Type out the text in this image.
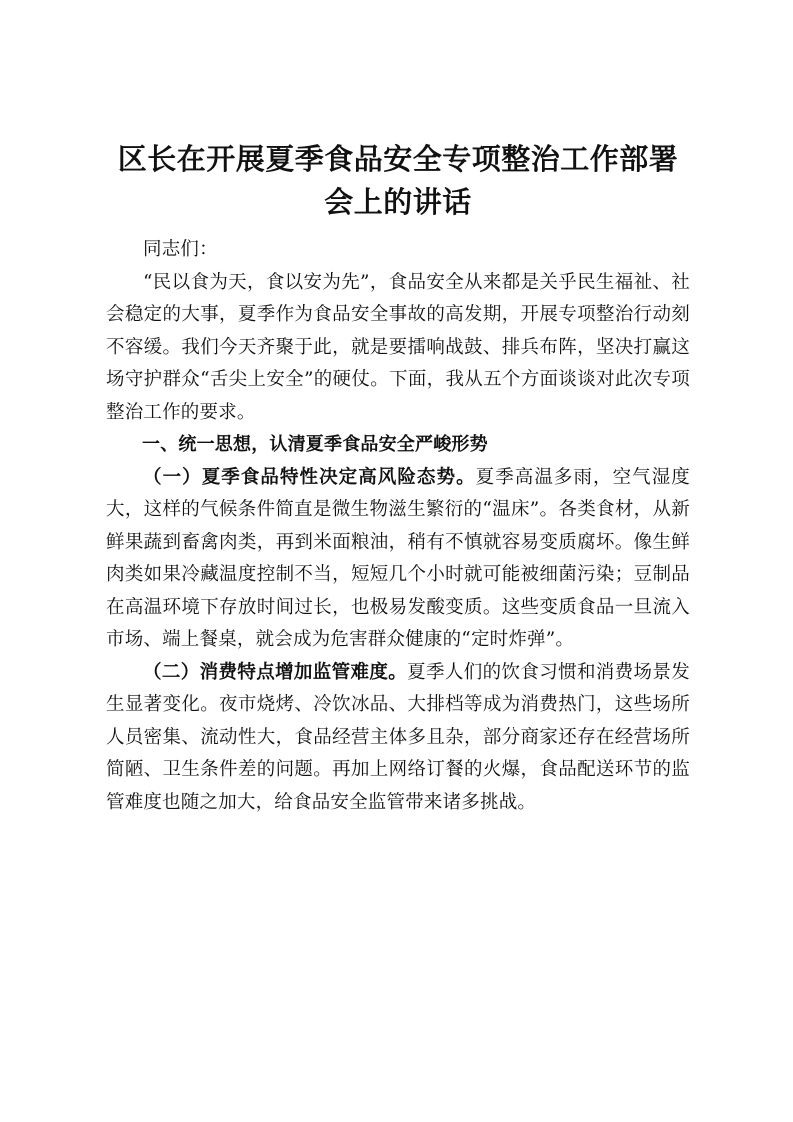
区长在开展夏季食品安全专项整治工作部署会上的讲话

同志们：

“民以食为天，食以安为先”，食品安全从来都是关乎民生福祉、社会稳定的大事，夏季作为食品安全事故的高发期，开展专项整治行动刻不容缓。我们今天齐聚于此，就是要擂响战鼓、排兵布阵，坚决打赢这场守护群众“舌尖上安全”的硬仗。下面，我从五个方面谈谈对此次专项整治工作的要求。

一、统一思想，认清夏季食品安全严峻形势

（一）夏季食品特性决定高风险态势。夏季高温多雨，空气湿度大，这样的气候条件简直是微生物滋生繁衍的“温床”。各类食材，从新鲜果蔬到畜禽肉类，再到米面粮油，稍有不慎就容易变质腐坏。像生鲜肉类如果冷藏温度控制不当，短短几个小时就可能被细菌污染；豆制品在高温环境下存放时间过长，也极易发酸变质。这些变质食品一旦流入市场、端上餐桌，就会成为危害群众健康的“定时炸弹”。

（二）消费特点增加监管难度。夏季人们的饮食习惯和消费场景发生显著变化。夜市烧烤、冷饮冰品、大排档等成为消费热门，这些场所人员密集、流动性大，食品经营主体多且杂，部分商家还存在经营场所简陋、卫生条件差的问题。再加上网络订餐的火爆，食品配送环节的监管难度也随之加大，给食品安全监管带来诸多挑战。
